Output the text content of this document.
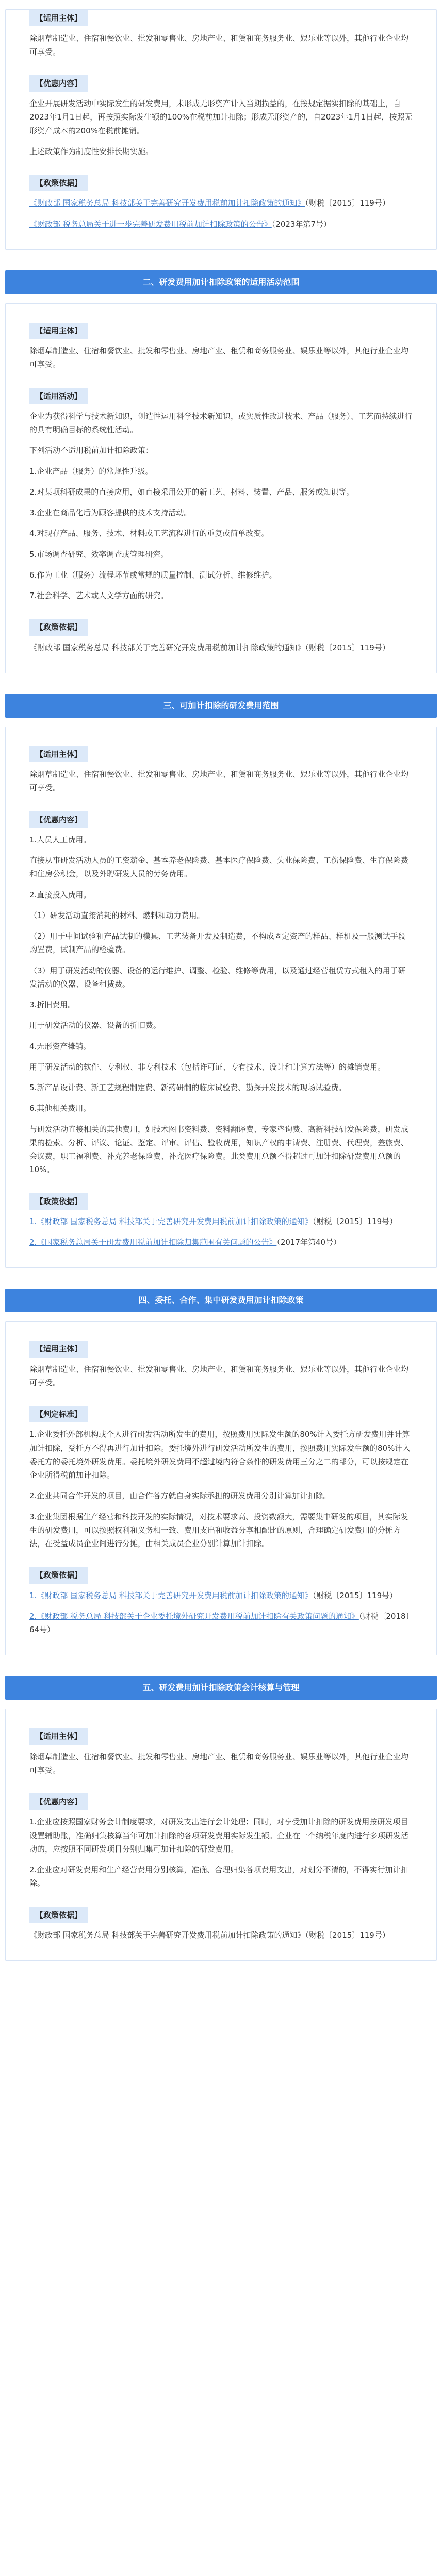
【适用主体】

除烟草制造业、住宿和餐饮业、批发和零售业、房地产业、租赁和商务服务业、娱乐业等以外，其他行业企业均可享受。

【优惠内容】

企业开展研发活动中实际发生的研发费用，未形成无形资产计入当期损益的，在按规定据实扣除的基础上，自2023年1月1日起，再按照实际发生额的100%在税前加计扣除；形成无形资产的，自2023年1月1日起，按照无形资产成本的200%在税前摊销。

上述政策作为制度性安排长期实施。

【政策依据】

《财政部 国家税务总局 科技部关于完善研究开发费用税前加计扣除政策的通知》（财税〔2015〕119号）

《财政部 税务总局关于进一步完善研发费用税前加计扣除政策的公告》（2023年第7号）

二、研发费用加计扣除政策的适用活动范围
【适用主体】

除烟草制造业、住宿和餐饮业、批发和零售业、房地产业、租赁和商务服务业、娱乐业等以外，其他行业企业均可享受。

【适用活动】

企业为获得科学与技术新知识，创造性运用科学技术新知识，或实质性改进技术、产品（服务）、工艺而持续进行的具有明确目标的系统性活动。

下列活动不适用税前加计扣除政策：

1.企业产品（服务）的常规性升级。

2.对某项科研成果的直接应用，如直接采用公开的新工艺、材料、装置、产品、服务或知识等。

3.企业在商品化后为顾客提供的技术支持活动。

4.对现存产品、服务、技术、材料或工艺流程进行的重复或简单改变。

5.市场调查研究、效率调查或管理研究。

6.作为工业（服务）流程环节或常规的质量控制、测试分析、维修维护。

7.社会科学、艺术或人文学方面的研究。

【政策依据】

《财政部 国家税务总局 科技部关于完善研究开发费用税前加计扣除政策的通知》（财税〔2015〕119号）

三、可加计扣除的研发费用范围
【适用主体】

除烟草制造业、住宿和餐饮业、批发和零售业、房地产业、租赁和商务服务业、娱乐业等以外，其他行业企业均可享受。

【优惠内容】

1.人员人工费用。

直接从事研发活动人员的工资薪金、基本养老保险费、基本医疗保险费、失业保险费、工伤保险费、生育保险费和住房公积金，以及外聘研发人员的劳务费用。

2.直接投入费用。

（1）研发活动直接消耗的材料、燃料和动力费用。

（2）用于中间试验和产品试制的模具、工艺装备开发及制造费，不构成固定资产的样品、样机及一般测试手段购置费，试制产品的检验费。

（3）用于研发活动的仪器、设备的运行维护、调整、检验、维修等费用，以及通过经营租赁方式租入的用于研发活动的仪器、设备租赁费。

3.折旧费用。

用于研发活动的仪器、设备的折旧费。

4.无形资产摊销。

用于研发活动的软件、专利权、非专利技术（包括许可证、专有技术、设计和计算方法等）的摊销费用。

5.新产品设计费、新工艺规程制定费、新药研制的临床试验费、勘探开发技术的现场试验费。

6.其他相关费用。

与研发活动直接相关的其他费用，如技术图书资料费、资料翻译费、专家咨询费、高新科技研发保险费，研发成果的检索、分析、评议、论证、鉴定、评审、评估、验收费用，知识产权的申请费、注册费、代理费，差旅费、会议费，职工福利费、补充养老保险费、补充医疗保险费。此类费用总额不得超过可加计扣除研发费用总额的10%。

【政策依据】

1.《财政部 国家税务总局 科技部关于完善研究开发费用税前加计扣除政策的通知》（财税〔2015〕119号）

2.《国家税务总局关于研发费用税前加计扣除归集范围有关问题的公告》（2017年第40号）

四、委托、合作、集中研发费用加计扣除政策
【适用主体】

除烟草制造业、住宿和餐饮业、批发和零售业、房地产业、租赁和商务服务业、娱乐业等以外，其他行业企业均可享受。

【判定标准】

1.企业委托外部机构或个人进行研发活动所发生的费用，按照费用实际发生额的80%计入委托方研发费用并计算加计扣除，受托方不得再进行加计扣除。委托境外进行研发活动所发生的费用，按照费用实际发生额的80%计入委托方的委托境外研发费用。委托境外研发费用不超过境内符合条件的研发费用三分之二的部分，可以按规定在企业所得税前加计扣除。

2.企业共同合作开发的项目，由合作各方就自身实际承担的研发费用分别计算加计扣除。

3.企业集团根据生产经营和科技开发的实际情况，对技术要求高、投资数额大，需要集中研发的项目，其实际发生的研发费用，可以按照权利和义务相一致、费用支出和收益分享相配比的原则，合理确定研发费用的分摊方法，在受益成员企业间进行分摊，由相关成员企业分别计算加计扣除。

【政策依据】

1.《财政部 国家税务总局 科技部关于完善研究开发费用税前加计扣除政策的通知》（财税〔2015〕119号）

2.《财政部 税务总局 科技部关于企业委托境外研究开发费用税前加计扣除有关政策问题的通知》（财税〔2018〕64号）

五、研发费用加计扣除政策会计核算与管理
【适用主体】

除烟草制造业、住宿和餐饮业、批发和零售业、房地产业、租赁和商务服务业、娱乐业等以外，其他行业企业均可享受。

【优惠内容】

1.企业应按照国家财务会计制度要求，对研发支出进行会计处理；同时，对享受加计扣除的研发费用按研发项目设置辅助账，准确归集核算当年可加计扣除的各项研发费用实际发生额。企业在一个纳税年度内进行多项研发活动的，应按照不同研发项目分别归集可加计扣除的研发费用。

2.企业应对研发费用和生产经营费用分别核算，准确、合理归集各项费用支出，对划分不清的，不得实行加计扣除。

【政策依据】

《财政部 国家税务总局 科技部关于完善研究开发费用税前加计扣除政策的通知》（财税〔2015〕119号）
